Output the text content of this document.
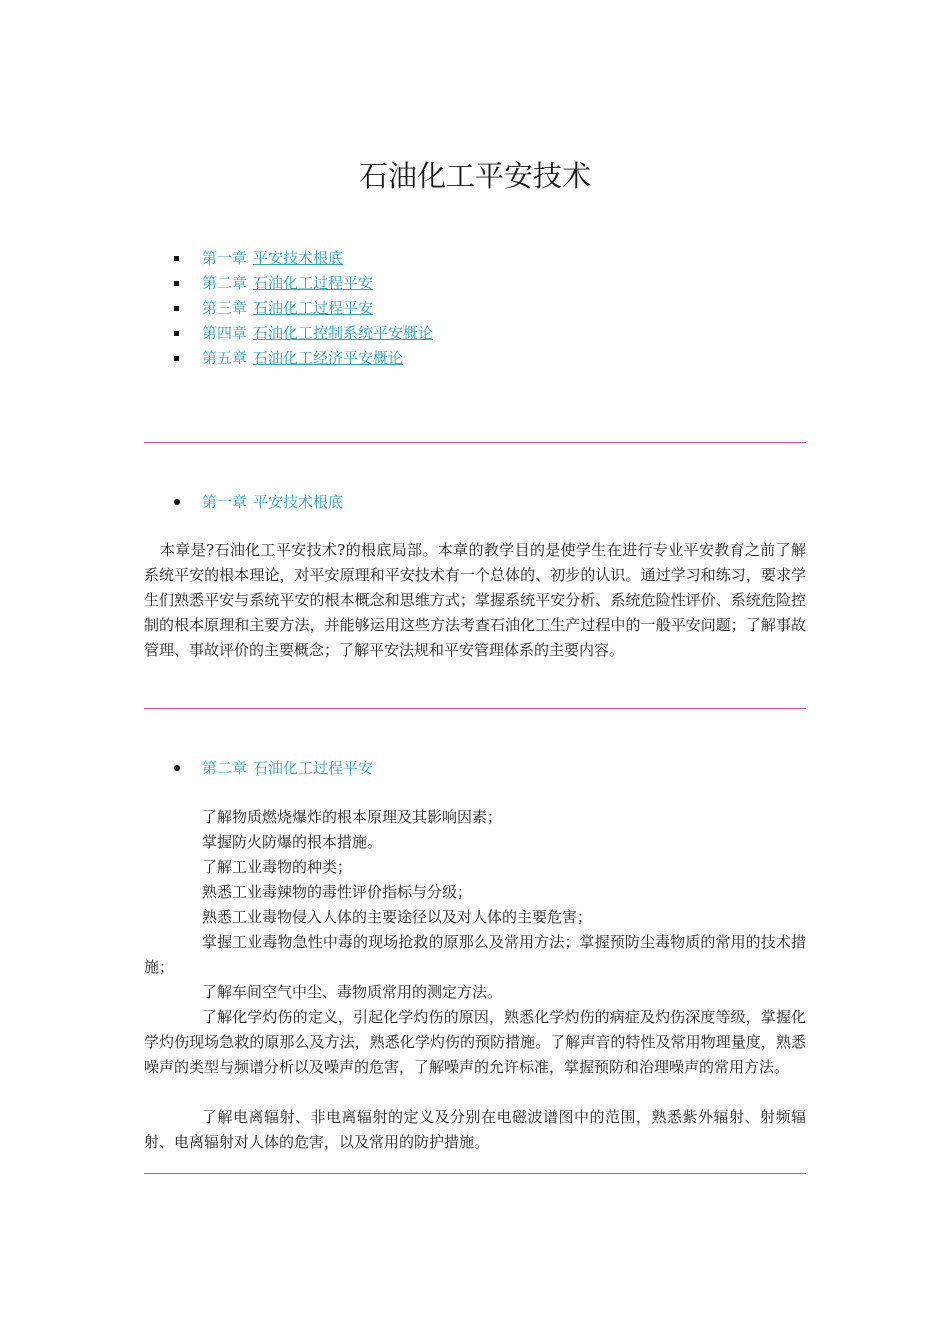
石油化工平安技术
第一章 平安技术根底
第二章 石油化工过程平安
第三章 石油化工过程平安
第四章 石油化工控制系统平安概论
第五章 石油化工经济平安概论
第一章 平安技术根底

本章是?石油化工平安技术?的根底局部。本章的教学目的是使学生在进行专业平安教育之前了解系统平安的根本理论，对平安原理和平安技术有一个总体的、初步的认识。通过学习和练习，要求学生们熟悉平安与系统平安的根本概念和思维方式；掌握系统平安分析、系统危险性评价、系统危险控制的根本原理和主要方法，并能够运用这些方法考查石油化工生产过程中的一般平安问题；了解事故管理、事故评价的主要概念；了解平安法规和平安管理体系的主要内容。

第二章 石油化工过程平安

了解物质燃烧爆炸的根本原理及其影响因素；

掌握防火防爆的根本措施。

了解工业毒物的种类；

熟悉工业毒辣物的毒性评价指标与分级；

熟悉工业毒物侵入人体的主要途径以及对人体的主要危害；

掌握工业毒物急性中毒的现场抢救的原那么及常用方法；掌握预防尘毒物质的常用的技术措施；

了解车间空气中尘、毒物质常用的测定方法。

了解化学灼伤的定义，引起化学灼伤的原因，熟悉化学灼伤的病症及灼伤深度等级，掌握化学灼伤现场急救的原那么及方法，熟悉化学灼伤的预防措施。了解声音的特性及常用物理量度，熟悉噪声的类型与频谱分析以及噪声的危害，了解噪声的允许标准，掌握预防和治理噪声的常用方法。

了解电离辐射、非电离辐射的定义及分别在电磁波谱图中的范围，熟悉紫外辐射、射频辐射、电离辐射对人体的危害，以及常用的防护措施。
